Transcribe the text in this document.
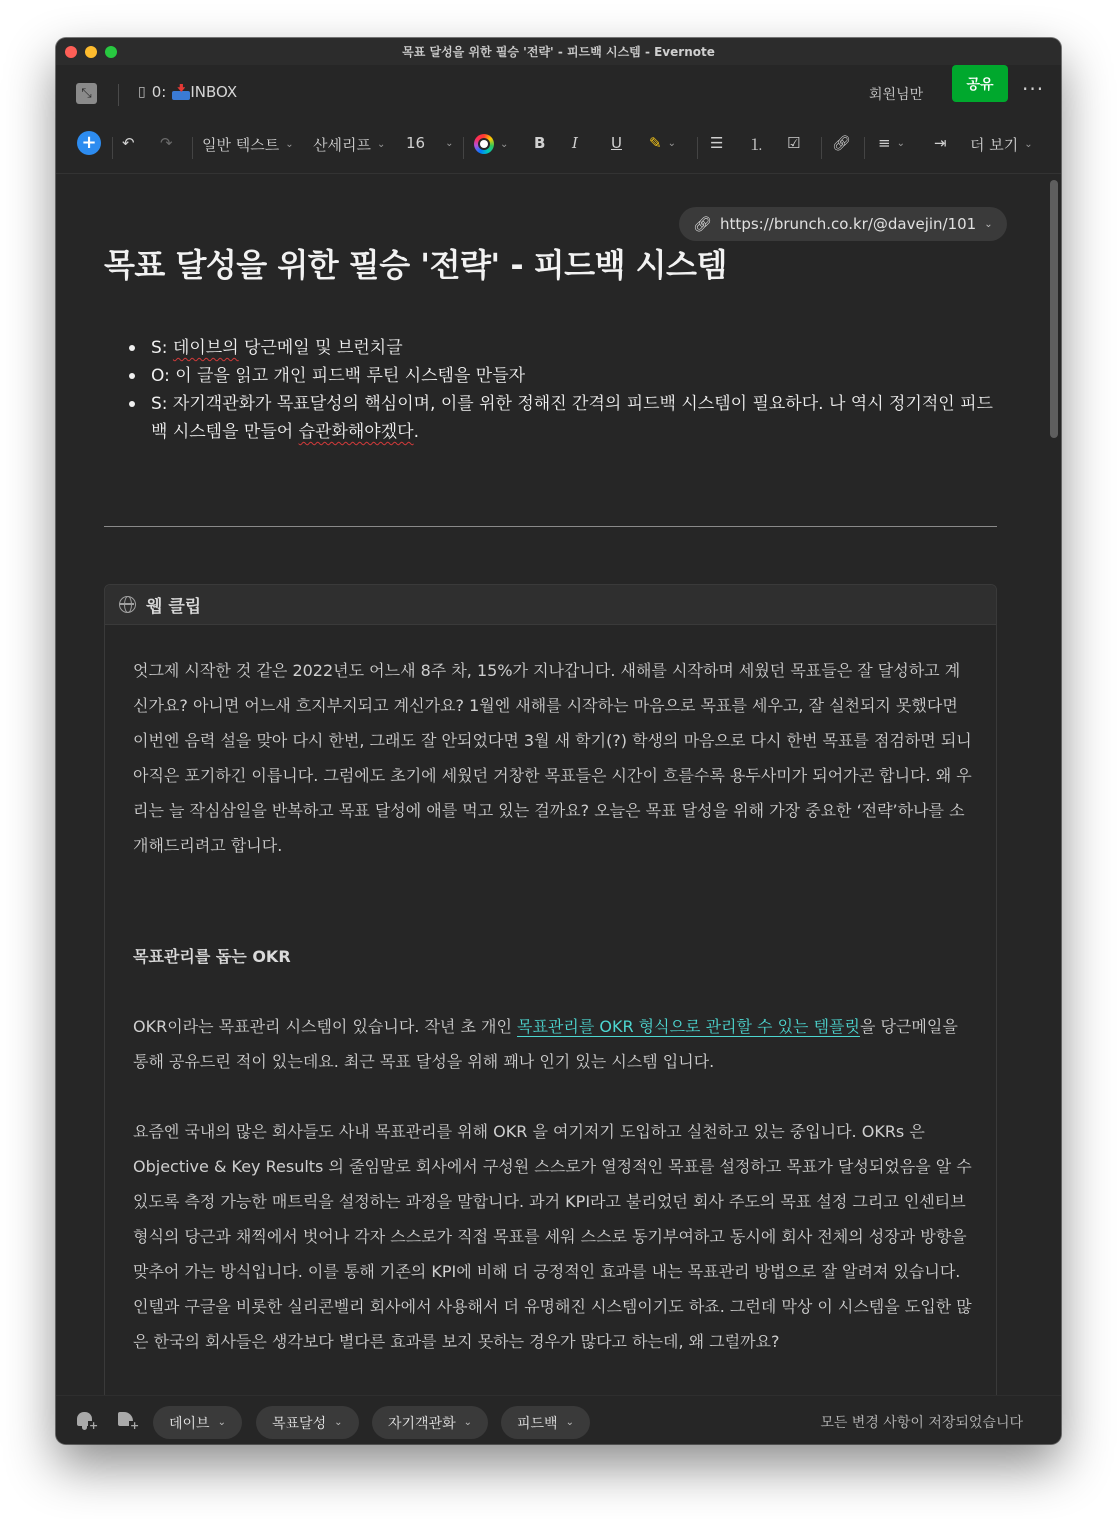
목표 달성을 위한 필승 '전략' - 피드백 시스템 - Evernote
⤡	▯ 0: INBOX	회원님만
공유	···
+ ↶ ↷ 일반 텍스트 ⌄ 산세리프 ⌄ 16 ⌄	⌄ B I U ✎ ⌄ ☰ ⒈ ☑ 🔗︎ ≡ ⌄ ⇥ 더 보기 ⌄
🔗︎ https://brunch.co.kr/@davejin/101 ⌄
목표 달성을 위한 필승 '전략' - 피드백 시스템
S: 데이브의 당근메일 및 브런치글
O: 이 글을 읽고 개인 피드백 루틴 시스템을 만들자
S: 자기객관화가 목표달성의 핵심이며, 이를 위한 정해진 간격의 피드백 시스템이 필요하다. 나 역시 정기적인 피드백 시스템을 만들어 습관화해야겠다.
웹 클립

엇그제 시작한 것 같은 2022년도 어느새 8주 차, 15%가 지나갑니다. 새해를 시작하며 세웠던 목표들은 잘 달성하고 계신가요? 아니면 어느새 흐지부지되고 계신가요? 1월엔 새해를 시작하는 마음으로 목표를 세우고, 잘 실천되지 못했다면 이번엔 음력 설을 맞아 다시 한번, 그래도 잘 안되었다면 3월 새 학기(?) 학생의 마음으로 다시 한번 목표를 점검하면 되니 아직은 포기하긴 이릅니다. 그럼에도 초기에 세웠던 거창한 목표들은 시간이 흐를수록 용두사미가 되어가곤 합니다. 왜 우리는 늘 작심삼일을 반복하고 목표 달성에 애를 먹고 있는 걸까요? 오늘은 목표 달성을 위해 가장 중요한 ‘전략’하나를 소개해드리려고 합니다.

목표관리를 돕는 OKR

OKR이라는 목표관리 시스템이 있습니다. 작년 초 개인 목표관리를 OKR 형식으로 관리할 수 있는 템플릿을 당근메일을 통해 공유드린 적이 있는데요. 최근 목표 달성을 위해 꽤나 인기 있는 시스템 입니다.

요즘엔 국내의 많은 회사들도 사내 목표관리를 위해 OKR 을 여기저기 도입하고 실천하고 있는 중입니다. OKRs 은 Objective & Key Results 의 줄임말로 회사에서 구성원 스스로가 열정적인 목표를 설정하고 목표가 달성되었음을 알 수 있도록 측정 가능한 매트릭을 설정하는 과정을 말합니다. 과거 KPI라고 불리었던 회사 주도의 목표 설정 그리고 인센티브 형식의 당근과 채찍에서 벗어나 각자 스스로가 직접 목표를 세워 스스로 동기부여하고 동시에 회사 전체의 성장과 방향을 맞추어 가는 방식입니다. 이를 통해 기존의 KPI에 비해 더 긍정적인 효과를 내는 목표관리 방법으로 잘 알려져 있습니다. 인텔과 구글을 비롯한 실리콘벨리 회사에서 사용해서 더 유명해진 시스템이기도 하죠. 그런데 막상 이 시스템을 도입한 많은 한국의 회사들은 생각보다 별다른 효과를 보지 못하는 경우가 많다고 하는데, 왜 그럴까요?

+	+ 데이브 ⌄	목표달성 ⌄	자기객관화 ⌄	피드백 ⌄	모든 변경 사항이 저장되었습니다
